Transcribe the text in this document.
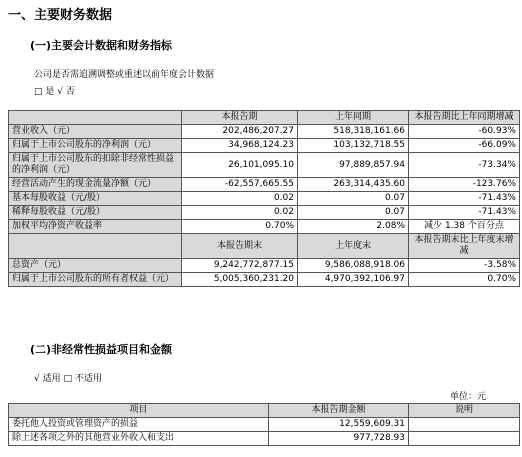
一、主要财务数据
(一)主要会计数据和财务指标
公司是否需追溯调整或重述以前年度会计数据
□ 是 √ 否
	本报告期	上年同期	本报告期比上年同期增减
营业收入（元）	202,486,207.27	518,318,161.66	-60.93%
归属于上市公司股东的净利润（元）	34,968,124.23	103,132,718.55	-66.09%
归属于上市公司股东的扣除非经常性损益的净利润（元）	26,101,095.10	97,889,857.94	-73.34%
经营活动产生的现金流量净额（元）	-62,557,665.55	263,314,435.60	-123.76%
基本每股收益（元/股）	0.02	0.07	-71.43%
稀释每股收益（元/股）	0.02	0.07	-71.43%
加权平均净资产收益率	0.70%	2.08%	减少 1.38 个百分点
	本报告期末	上年度末	本报告期末比上年度末增减
总资产（元）	9,242,772,877.15	9,586,088,918.06	-3.58%
归属于上市公司股东的所有者权益（元）	5,005,360,231.20	4,970,392,106.97	0.70%
(二)非经常性损益项目和金额
√ 适用 □ 不适用
单位：元
项目	本报告期金额	说明
委托他人投资或管理资产的损益	12,559,609.31	
除上述各项之外的其他营业外收入和支出	977,728.93	
